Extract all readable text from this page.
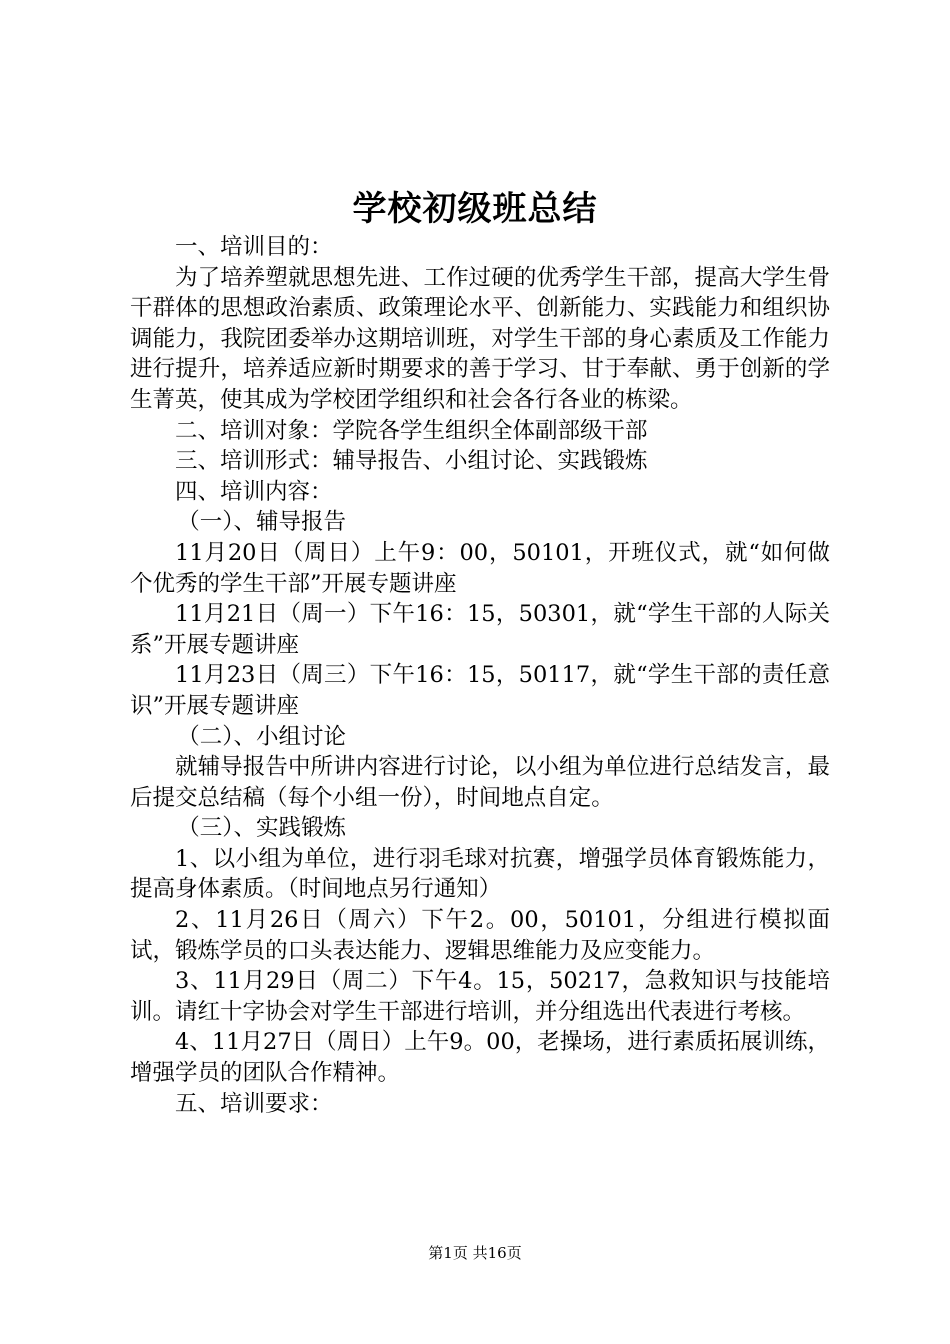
学校初级班总结

一、培训目的：

为了培养塑就思想先进、工作过硬的优秀学生干部，提高大学生骨干群体的思想政治素质、政策理论水平、创新能力、实践能力和组织协调能力，我院团委举办这期培训班，对学生干部的身心素质及工作能力进行提升，培养适应新时期要求的善于学习、甘于奉献、勇于创新的学生菁英，使其成为学校团学组织和社会各行各业的栋梁。

二、培训对象：学院各学生组织全体副部级干部

三、培训形式：辅导报告、小组讨论、实践锻炼

四、培训内容：

（一）、辅导报告

11月20日（周日）上午9：00，50101，开班仪式，就“如何做个优秀的学生干部”开展专题讲座

11月21日（周一）下午16：15，50301，就“学生干部的人际关系”开展专题讲座

11月23日（周三）下午16：15，50117，就“学生干部的责任意识”开展专题讲座

（二）、小组讨论

就辅导报告中所讲内容进行讨论，以小组为单位进行总结发言，最后提交总结稿（每个小组一份），时间地点自定。

（三）、实践锻炼

1、以小组为单位，进行羽毛球对抗赛，增强学员体育锻炼能力，提高身体素质。（时间地点另行通知）

2、11月26日（周六）下午2。00，50101，分组进行模拟面试，锻炼学员的口头表达能力、逻辑思维能力及应变能力。

3、11月29日（周二）下午4。15，50217，急救知识与技能培训。请红十字协会对学生干部进行培训，并分组选出代表进行考核。

4、11月27日（周日）上午9。00，老操场，进行素质拓展训练，增强学员的团队合作精神。

五、培训要求：

第1页 共16页
